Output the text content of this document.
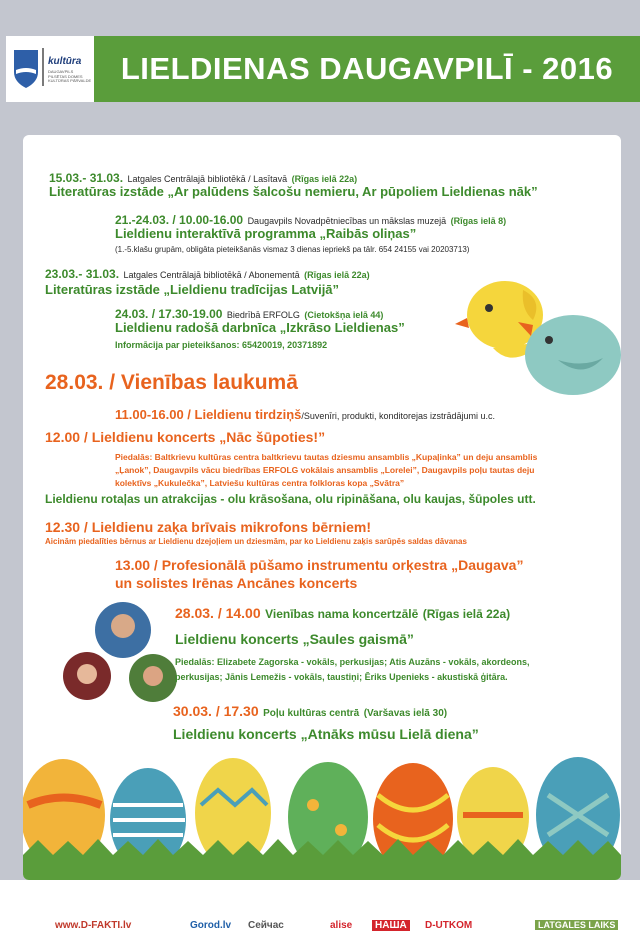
kultūra
DAUGAVPILS PILSĒTAS DOMES KULTŪRAS PĀRVALDE LIELDIENAS DAUGAVPILĪ - 2016
15.03.- 31.03. Latgales Centrālajā bibliotēkā / Lasītavā (Rīgas ielā 22a)
Literatūras izstāde „Ar palūdens šalcošu nemieru, Ar pūpoliem Lieldienas nāk”
21.-24.03. / 10.00-16.00 Daugavpils Novadpētniecības un mākslas muzejā (Rīgas ielā 8)
Lieldienu interaktīvā programma „Raibās oliņas”
(1.-5.klašu grupām, obligāta pieteikšanās vismaz 3 dienas iepriekš pa tālr. 654 24155 vai 20203713)
23.03.- 31.03. Latgales Centrālajā bibliotēkā / Abonementā (Rīgas ielā 22a)
Literatūras izstāde „Lieldienu tradīcijas Latvijā”
24.03. / 17.30-19.00 Biedrībā ERFOLG (Cietokšņa ielā 44)
Lieldienu radošā darbnīca „Izkrāso Lieldienas”
Informācija par pieteikšanos: 65420019, 20371892
28.03. / Vienības laukumā
11.00-16.00 / Lieldienu tirdziņš/Suvenīri, produkti, konditorejas izstrādājumi u.c.
12.00 / Lieldienu koncerts „Nāc šūpoties!”
Piedalās: Baltkrievu kultūras centra baltkrievu tautas dziesmu ansamblis „Kupaļinka” un deju ansamblis
„Ļanok”, Daugavpils vācu biedrības ERFOLG vokālais ansamblis „Lorelei”, Daugavpils poļu tautas deju
kolektīvs „Kukulečka”, Latviešu kultūras centra folkloras kopa „Svātra”
Lieldienu rotaļas un atrakcijas - olu krāsošana, olu ripināšana, olu kaujas, šūpoles utt.
12.30 / Lieldienu zaķa brīvais mikrofons bērniem!
Aicinām piedalīties bērnus ar Lieldienu dzejoļiem un dziesmām, par ko Lieldienu zaķis sarūpēs saldas dāvanas
13.00 / Profesionālā pūšamo instrumentu orķestra „Daugava”
un solistes Irēnas Ancānes koncerts
28.03. / 14.00 Vienības nama koncertzālē (Rīgas ielā 22a)
Lieldienu koncerts „Saules gaismā”
Piedalās: Elizabete Zagorska - vokāls, perkusijas; Atis Auzāns - vokāls, akordeons,
perkusijas; Jānis Lemežis - vokāls, taustiņi; Ēriks Upenieks - akustiskā ģitāra.
30.03. / 17.30 Poļu kultūras centrā (Varšavas ielā 30)
Lieldienu koncerts „Atnāks mūsu Lielā diena”
www.D-FAKTI.lv	Gorod.lv Сейчас	alise	НАША	D-UTKOM	LATGALES LAIKS
